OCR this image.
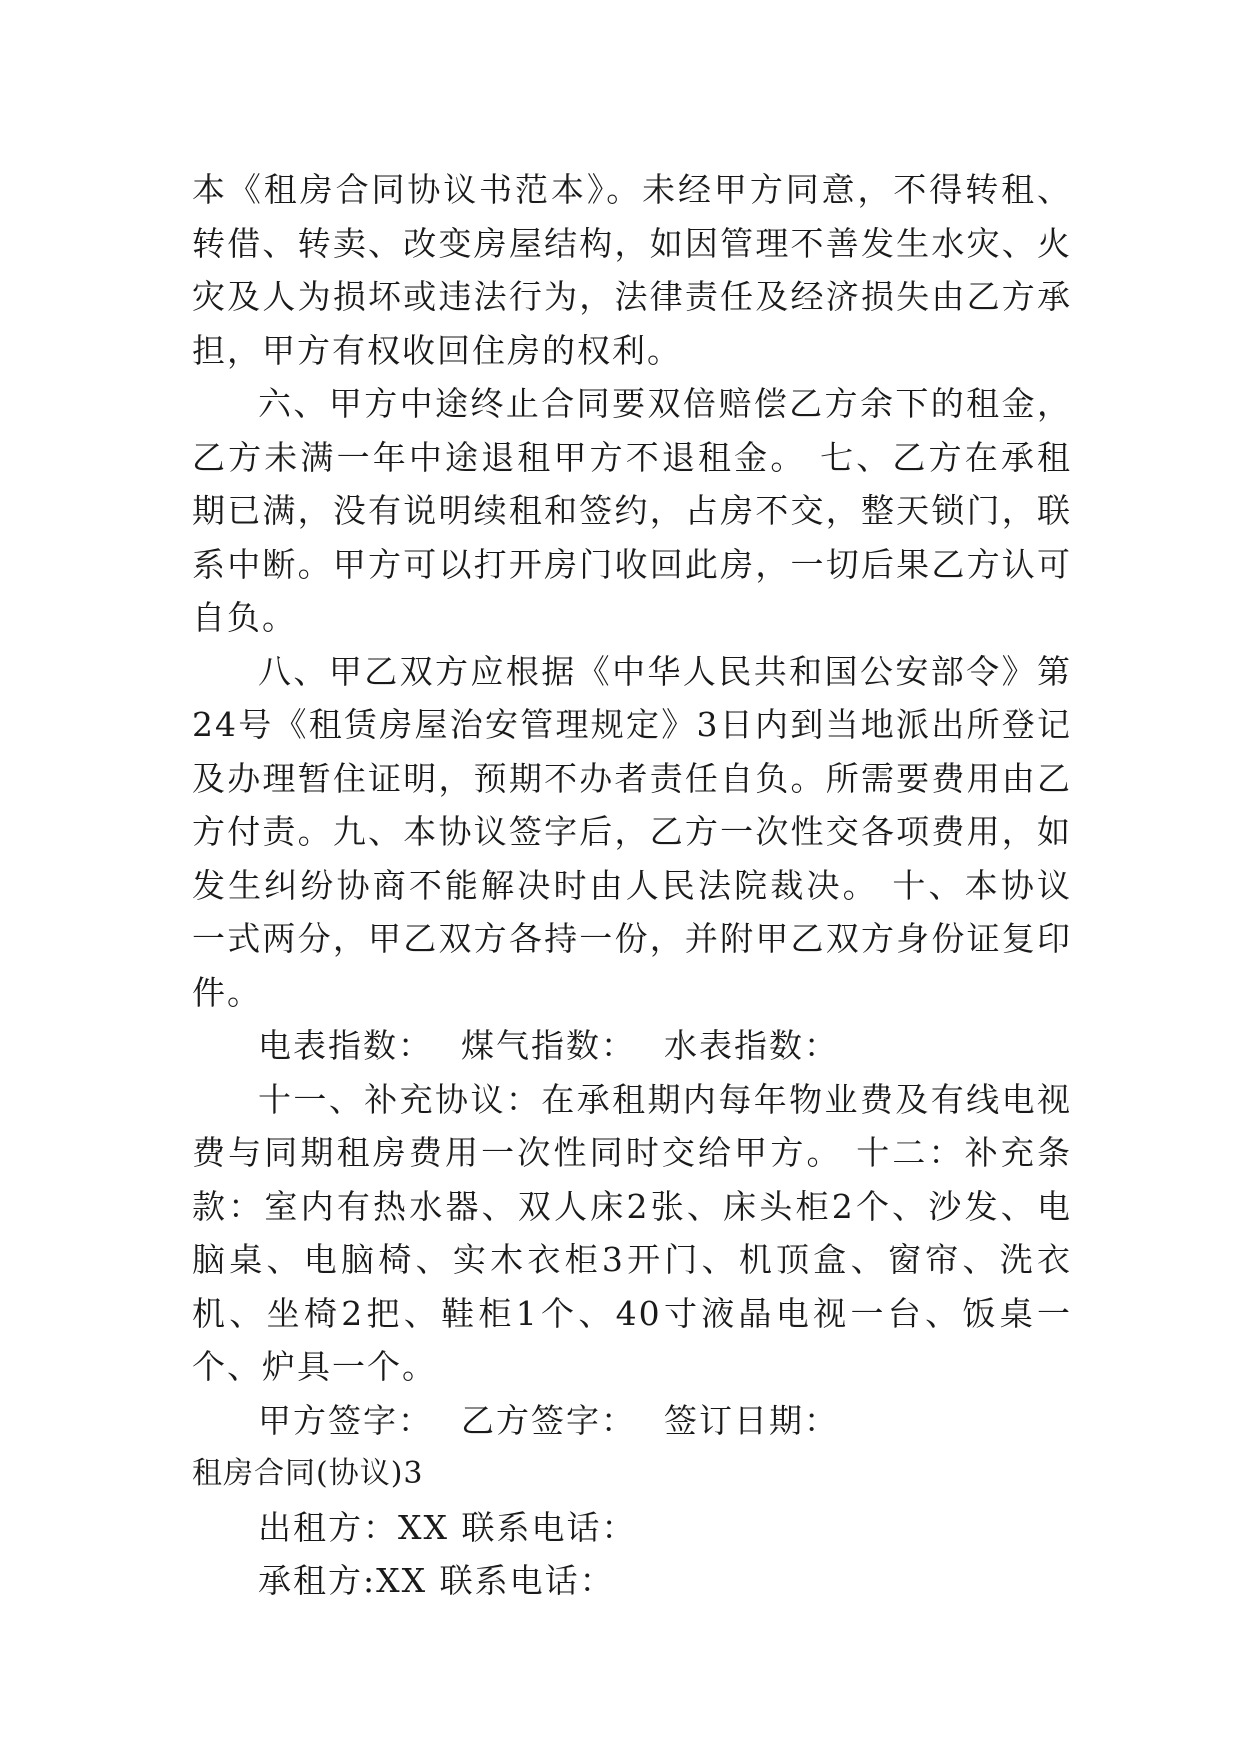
本《租房合同协议书范本》。未经甲方同意，不得转租、转借、转卖、改变房屋结构，如因管理不善发生水灾、火灾及人为损坏或违法行为，法律责任及经济损失由乙方承担，甲方有权收回住房的权利。

六、甲方中途终止合同要双倍赔偿乙方余下的租金，乙方未满一年中途退租甲方不退租金。 七、乙方在承租期已满，没有说明续租和签约，占房不交，整天锁门，联系中断。甲方可以打开房门收回此房，一切后果乙方认可自负。

八、甲乙双方应根据《中华人民共和国公安部令》第24号《租赁房屋治安管理规定》3日内到当地派出所登记及办理暂住证明，预期不办者责任自负。所需要费用由乙方付责。九、本协议签字后，乙方一次性交各项费用，如发生纠纷协商不能解决时由人民法院裁决。 十、本协议一式两分，甲乙双方各持一份，并附甲乙双方身份证复印件。

电表指数： 煤气指数： 水表指数：

十一、补充协议：在承租期内每年物业费及有线电视费与同期租房费用一次性同时交给甲方。 十二：补充条款：室内有热水器、双人床2张、床头柜2个、沙发、电脑桌、电脑椅、实木衣柜3开门、机顶盒、窗帘、洗衣机、坐椅2把、鞋柜1个、40寸液晶电视一台、饭桌一个、炉具一个。

甲方签字： 乙方签字： 签订日期：

租房合同(协议)3

出租方：XX 联系电话：

承租方:XX 联系电话：
